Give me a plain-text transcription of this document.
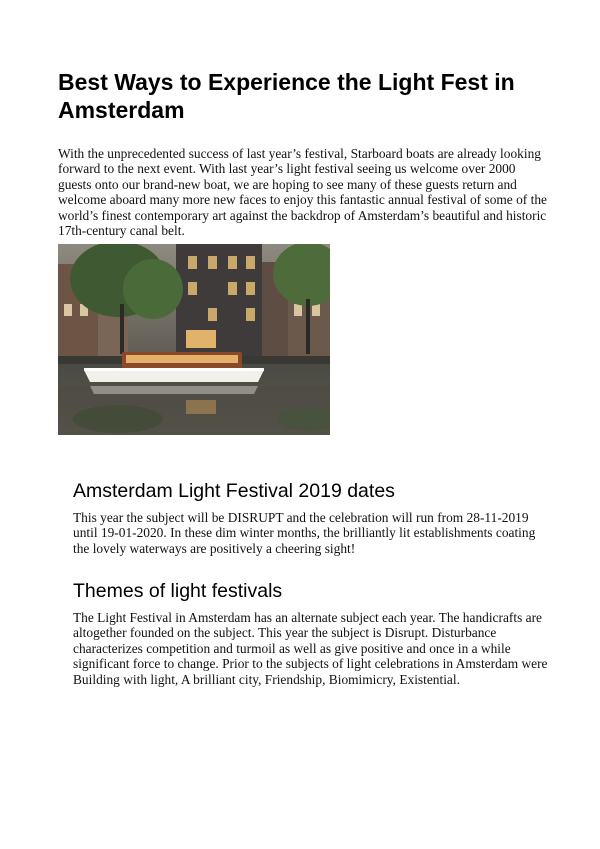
Best Ways to Experience the Light Fest in Amsterdam

With the unprecedented success of last year’s festival, Starboard boats are already looking forward to the next event. With last year’s light festival seeing us welcome over 2000 guests onto our brand-new boat, we are hoping to see many of these guests return and welcome aboard many more new faces to enjoy this fantastic annual festival of some of the world’s finest contemporary art against the backdrop of Amsterdam’s beautiful and historic 17th-century canal belt.

Amsterdam Light Festival 2019 dates

This year the subject will be DISRUPT and the celebration will run from 28-11-2019 until 19-01-2020. In these dim winter months, the brilliantly lit establishments coating the lovely waterways are positively a cheering sight!

Themes of light festivals

The Light Festival in Amsterdam has an alternate subject each year. The handicrafts are altogether founded on the subject. This year the subject is Disrupt. Disturbance characterizes competition and turmoil as well as give positive and once in a while significant force to change. Prior to the subjects of light celebrations in Amsterdam were Building with light, A brilliant city, Friendship, Biomimicry, Existential.
